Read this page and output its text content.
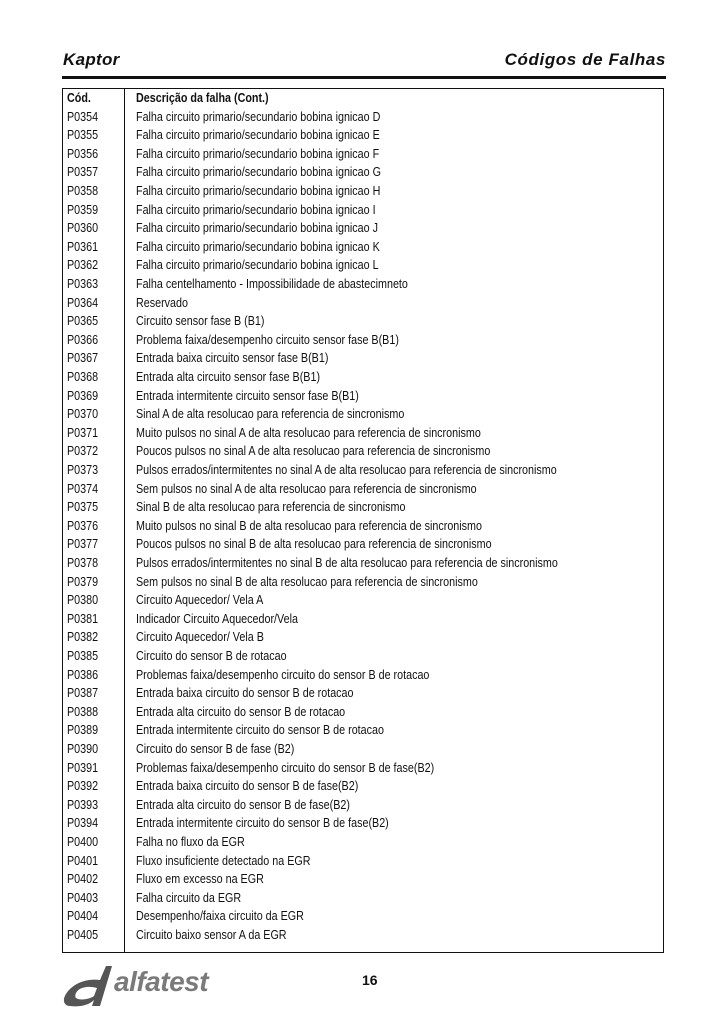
Kaptor	Códigos de Falhas
Cód.	Descrição da falha (Cont.)
P0354	Falha circuito primario/secundario bobina ignicao D
P0355	Falha circuito primario/secundario bobina ignicao E
P0356	Falha circuito primario/secundario bobina ignicao F
P0357	Falha circuito primario/secundario bobina ignicao G
P0358	Falha circuito primario/secundario bobina ignicao H
P0359	Falha circuito primario/secundario bobina ignicao I
P0360	Falha circuito primario/secundario bobina ignicao J
P0361	Falha circuito primario/secundario bobina ignicao K
P0362	Falha circuito primario/secundario bobina ignicao L
P0363	Falha centelhamento - Impossibilidade de abastecimneto
P0364	Reservado
P0365	Circuito sensor fase B (B1)
P0366	Problema faixa/desempenho circuito sensor fase B(B1)
P0367	Entrada baixa circuito sensor fase B(B1)
P0368	Entrada alta circuito sensor fase B(B1)
P0369	Entrada intermitente circuito sensor fase B(B1)
P0370	Sinal A de alta resolucao para referencia de sincronismo
P0371	Muito pulsos no sinal A de alta resolucao para referencia de sincronismo
P0372	Poucos pulsos no sinal A de alta resolucao para referencia de sincronismo
P0373	Pulsos errados/intermitentes no sinal A de alta resolucao para referencia de sincronismo
P0374	Sem pulsos no sinal A de alta resolucao para referencia de sincronismo
P0375	Sinal B de alta resolucao para referencia de sincronismo
P0376	Muito pulsos no sinal B de alta resolucao para referencia de sincronismo
P0377	Poucos pulsos no sinal B de alta resolucao para referencia de sincronismo
P0378	Pulsos errados/intermitentes no sinal B de alta resolucao para referencia de sincronismo
P0379	Sem pulsos no sinal B de alta resolucao para referencia de sincronismo
P0380	Circuito Aquecedor/ Vela A
P0381	Indicador Circuito Aquecedor/Vela
P0382	Circuito Aquecedor/ Vela B
P0385	Circuito do sensor B de rotacao
P0386	Problemas faixa/desempenho circuito do sensor B de rotacao
P0387	Entrada baixa circuito do sensor B de rotacao
P0388	Entrada alta circuito do sensor B de rotacao
P0389	Entrada intermitente circuito do sensor B de rotacao
P0390	Circuito do sensor B de fase (B2)
P0391	Problemas faixa/desempenho circuito do sensor B de fase(B2)
P0392	Entrada baixa circuito do sensor B de fase(B2)
P0393	Entrada alta circuito do sensor B de fase(B2)
P0394	Entrada intermitente circuito do sensor B de fase(B2)
P0400	Falha no fluxo da EGR
P0401	Fluxo insuficiente detectado na EGR
P0402	Fluxo em excesso na EGR
P0403	Falha circuito da EGR
P0404	Desempenho/faixa circuito da EGR
P0405	Circuito baixo sensor A da EGR
alfatest	16
